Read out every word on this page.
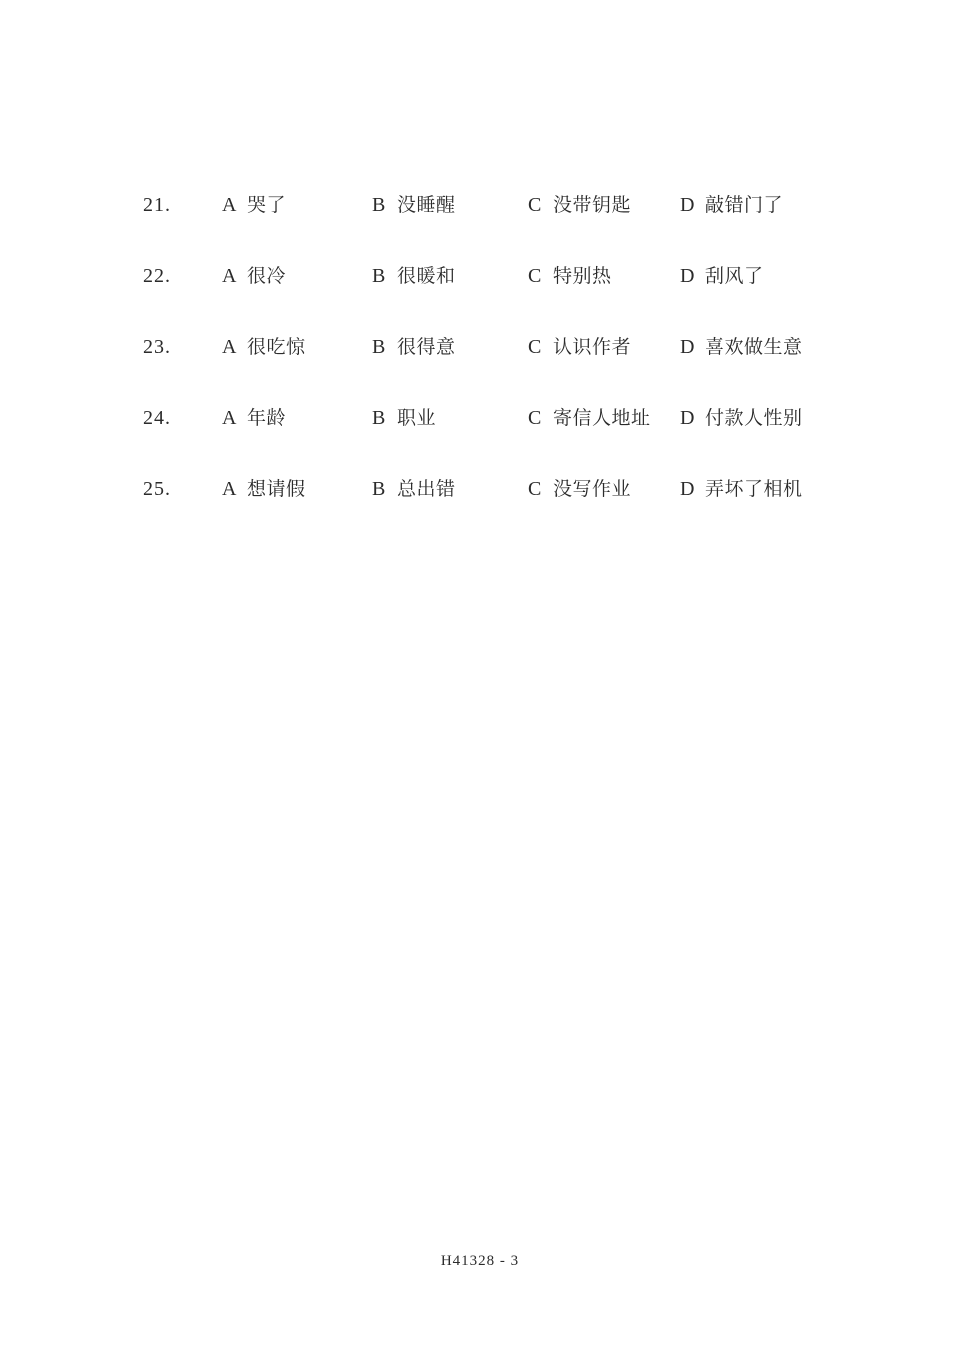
21.	A 哭了	B 没睡醒	C 没带钥匙	D 敲错门了
22.	A 很冷	B 很暖和	C 特别热	D 刮风了
23.	A 很吃惊	B 很得意	C 认识作者	D 喜欢做生意
24.	A 年龄	B 职业	C 寄信人地址	D 付款人性别
25.	A 想请假	B 总出错	C 没写作业	D 弄坏了相机
H41328 - 3
